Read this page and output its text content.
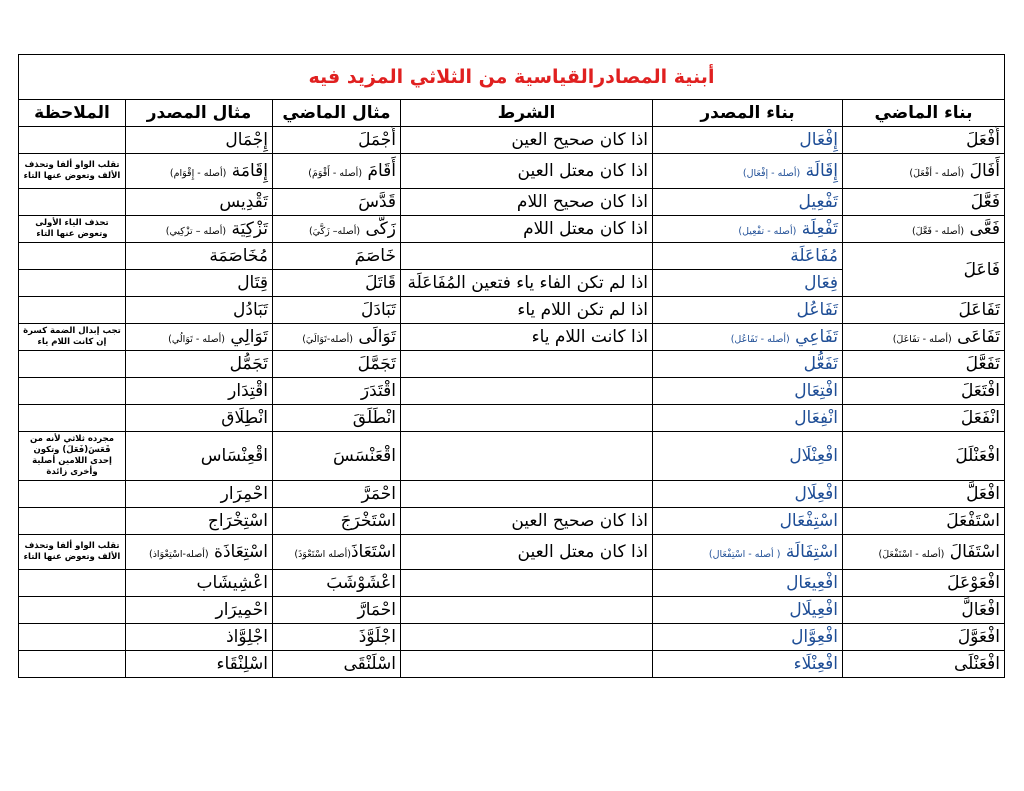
أبنية المصادرالقياسية من الثلاثي المزيد فيه					
بناء الماضي	بناء المصدر	الشرط	مثال الماضي	مثال المصدر	الملاحظة
أَفْعَلَ	إِفْعَال	اذا كان صحيح العين	أَجْمَلَ	إِجْمَال	
أَفَالَ (أصله - أفْعَلَ)	إِقَالَة (أصله - إفْعَال)	اذا كان معتل العين	أَقَامَ (أصله - أَقْوَمَ)	إِقَامَة (أصله - إِقْوَام)	تقلب الواو ألفا وتحذف الألف وتعوض عنها التاء
فَعَّلَ	تَفْعِيل	اذا كان صحيح اللام	قَدَّسَ	تَقْدِيس	
فَعَّى (أصله - فَعَّلَ)	تَفْعِلَة (أصله - تفْعِيل)	اذا كان معتل اللام	زَكَّى (أصله– زَكَّيَ)	تَزْكِيَة (أصله – تزْكِيي)	تحذف الياء الأولى وتعوض عنها التاء
فَاعَلَ	مُفَاعَلَة		خَاصَمَ	مُخَاصَمَة	
	فِعَال	اذا لم تكن الفاء ياء فتعين المُفَاعَلَة	قَاتَلَ	قِتَال	
تَفَاعَلَ	تَفَاعُل	اذا لم تكن اللام ياء	تَبَادَلَ	تَبَادُل	
تَفَاعَى (أصله - تفَاعَلَ)	تَفَاعِي (أصله - تَفَاعُل)	اذا كانت اللام ياء	تَوَالَى (أصله-تَوَالَيَ)	تَوَالِي (أصله - تَوَالُي)	تجب إبدال الضمة كسرة إن كانت اللام ياء
تَفَعَّلَ	تَفَعُّل		تَجَمَّلَ	تَجَمُّل	
افْتَعَلَ	افْتِعَال		اقْتَدَرَ	اقْتِدَار	
انْفَعَلَ	انْفِعَال		انْطَلَقَ	انْطِلَاق	
افْعَنْلَلَ	افْعِنْلَال		اقْعَنْسَسَ	اقْعِنْسَاس	مجرده ثلاثي لأنه من قَعَسَ(فَعَلَ) وتكون إحدى اللامين أصلية وأخرى زائدة
افْعَلَّ	افْعِلَال		احْمَرَّ	احْمِرَار	
اسْتَفْعَلَ	اسْتِفْعَال	اذا كان صحيح العين	اسْتَخْرَجَ	اسْتِخْرَاج	
اسْتَفَالَ (أصله - اسْتَفْعَلَ)	اسْتِفَالَة ( أصله - اسْتِفْعَال)	اذا كان معتل العين	اسْتَعَاذَ(أصله اسْتَعْوَذَ)	اسْتِعَاذَة (أصله-اسْتِعْوَاذ)	تقلب الواو ألفا وتحذف الألف وتعوض عنها التاء
افْعَوْعَلَ	افْعِيعَال		اعْشَوْشَبَ	اعْشِيشَاب	
افْعَالَّ	افْعِيلَال		احْمَارَّ	احْمِيرَار	
افْعَوَّلَ	افْعِوَّال		اجْلَوَّذَ	اجْلِوَّاذ	
افْعَنْلَى	افْعِنْلَاء		اسْلَنْقَى	اسْلِنْقَاء	
